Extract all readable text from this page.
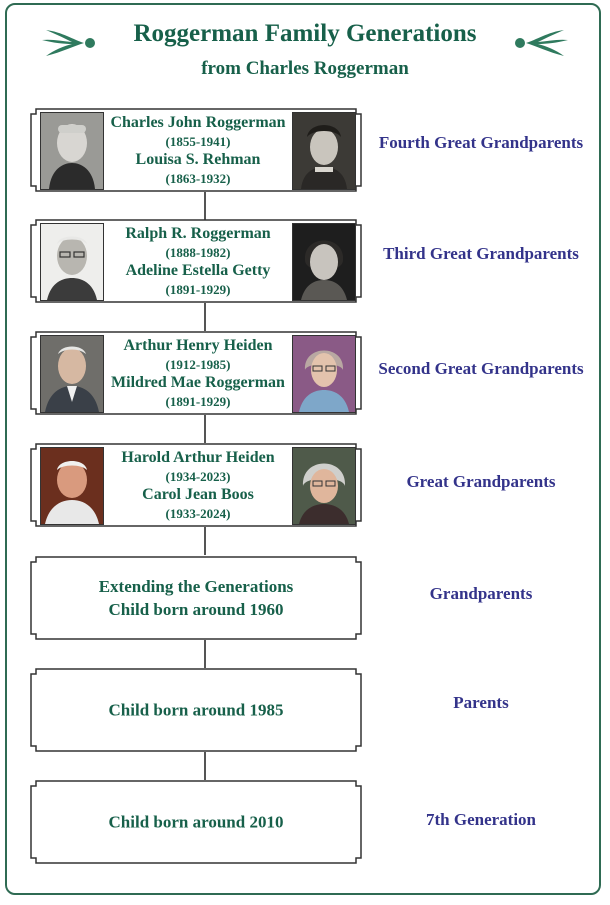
Roggerman Family Generations
from Charles Roggerman
Charles John Roggerman
(1855-1941)
Louisa S. Rehman
(1863-1932)
Fourth Great Grandparents
Ralph R. Roggerman
(1888-1982)
Adeline Estella Getty
(1891-1929)
Third Great Grandparents
Arthur Henry Heiden
(1912-1985)
Mildred Mae Roggerman
(1891-1929)
Second Great Grandparents
Harold Arthur Heiden
(1934-2023)
Carol Jean Boos
(1933-2024)
Great Grandparents
Extending the Generations
Child born around 1960
Grandparents
Child born around 1985	Parents
Child born around 2010	7th Generation
